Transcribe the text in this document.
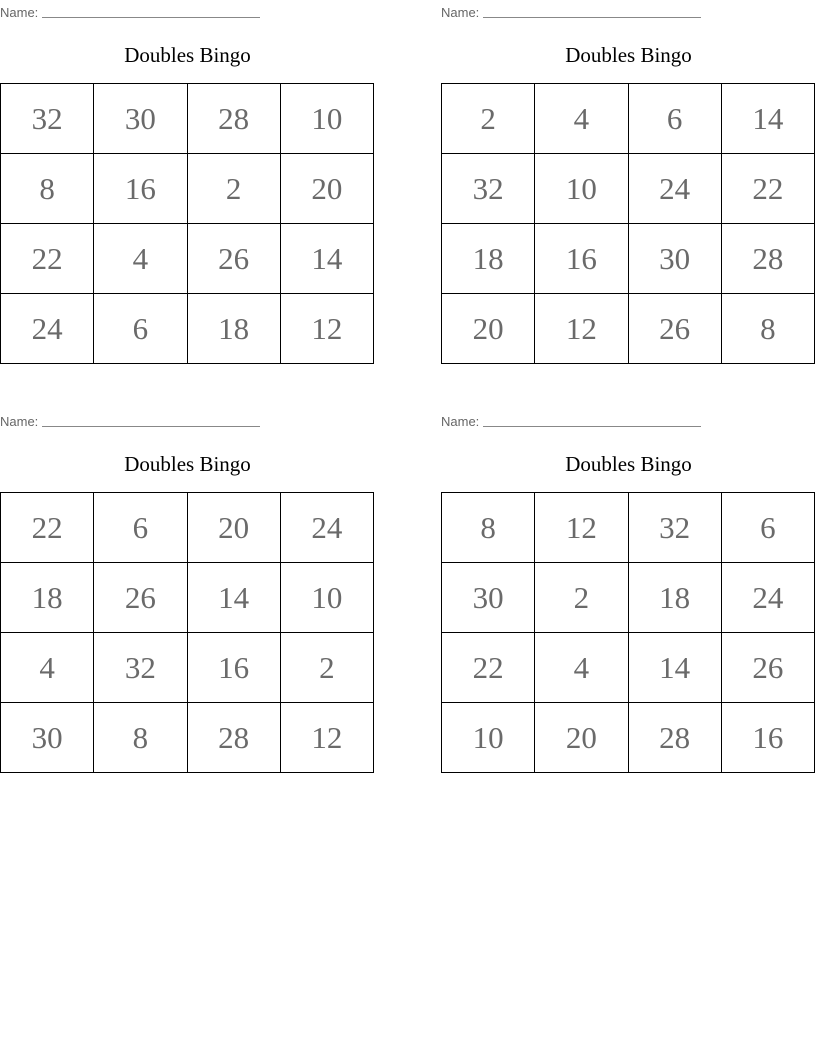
Name:
Doubles Bingo
32	30	28	10
8	16	2	20
22	4	26	14
24	6	18	12
Name:
Doubles Bingo
2	4	6	14
32	10	24	22
18	16	30	28
20	12	26	8
Name:
Doubles Bingo
22	6	20	24
18	26	14	10
4	32	16	2
30	8	28	12
Name:
Doubles Bingo
8	12	32	6
30	2	18	24
22	4	14	26
10	20	28	16
